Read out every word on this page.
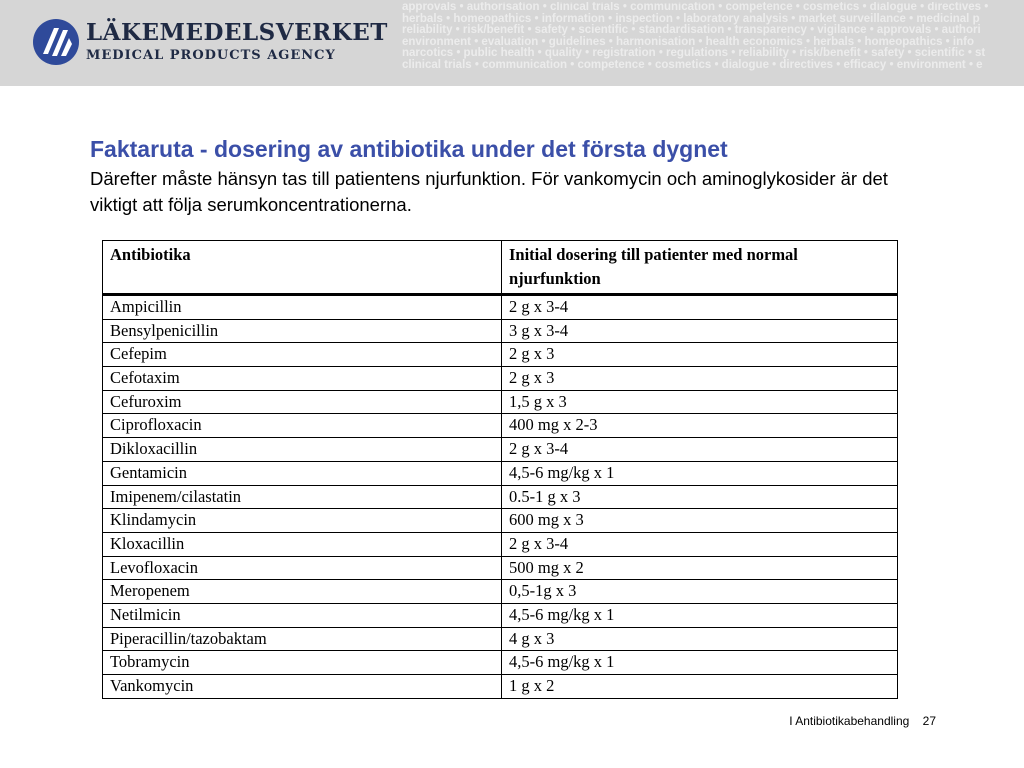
LÄKEMEDELSVERKET
MEDICAL PRODUCTS AGENCY
approvals • authorisation • clinical trials • communication • competence • cosmetics • dialogue • directives •
herbals • homeopathics • information • inspection • laboratory analysis • market surveillance • medicinal p
reliability • risk/benefit • safety • scientific • standardisation • transparency • vigilance • approvals • authori
environment • evaluation • guidelines • harmonisation • health economics • herbals • homeopathics • info
narcotics • public health • quality • registration • regulations • reliability • risk/benefit • safety • scientific • st
clinical trials • communication • competence • cosmetics • dialogue • directives • efficacy • environment • e
Faktaruta - dosering av antibiotika under det första dygnet

Därefter måste hänsyn tas till patientens njurfunktion. För vankomycin och aminoglykosider är det viktigt att följa serumkoncentrationerna.

Antibiotika	Initial dosering till patienter med normal njurfunktion
Ampicillin	2 g x 3-4
Bensylpenicillin	3 g x 3-4
Cefepim	2 g x 3
Cefotaxim	2 g x 3
Cefuroxim	1,5 g x 3
Ciprofloxacin	400 mg x 2-3
Dikloxacillin	2 g x 3-4
Gentamicin	4,5-6 mg/kg x 1
Imipenem/cilastatin	0.5-1 g x 3
Klindamycin	600 mg x 3
Kloxacillin	2 g x 3-4
Levofloxacin	500 mg x 2
Meropenem	0,5-1g x 3
Netilmicin	4,5-6 mg/kg x 1
Piperacillin/tazobaktam	4 g x 3
Tobramycin	4,5-6 mg/kg x 1
Vankomycin	1 g x 2
I Antibiotikabehandling 27
